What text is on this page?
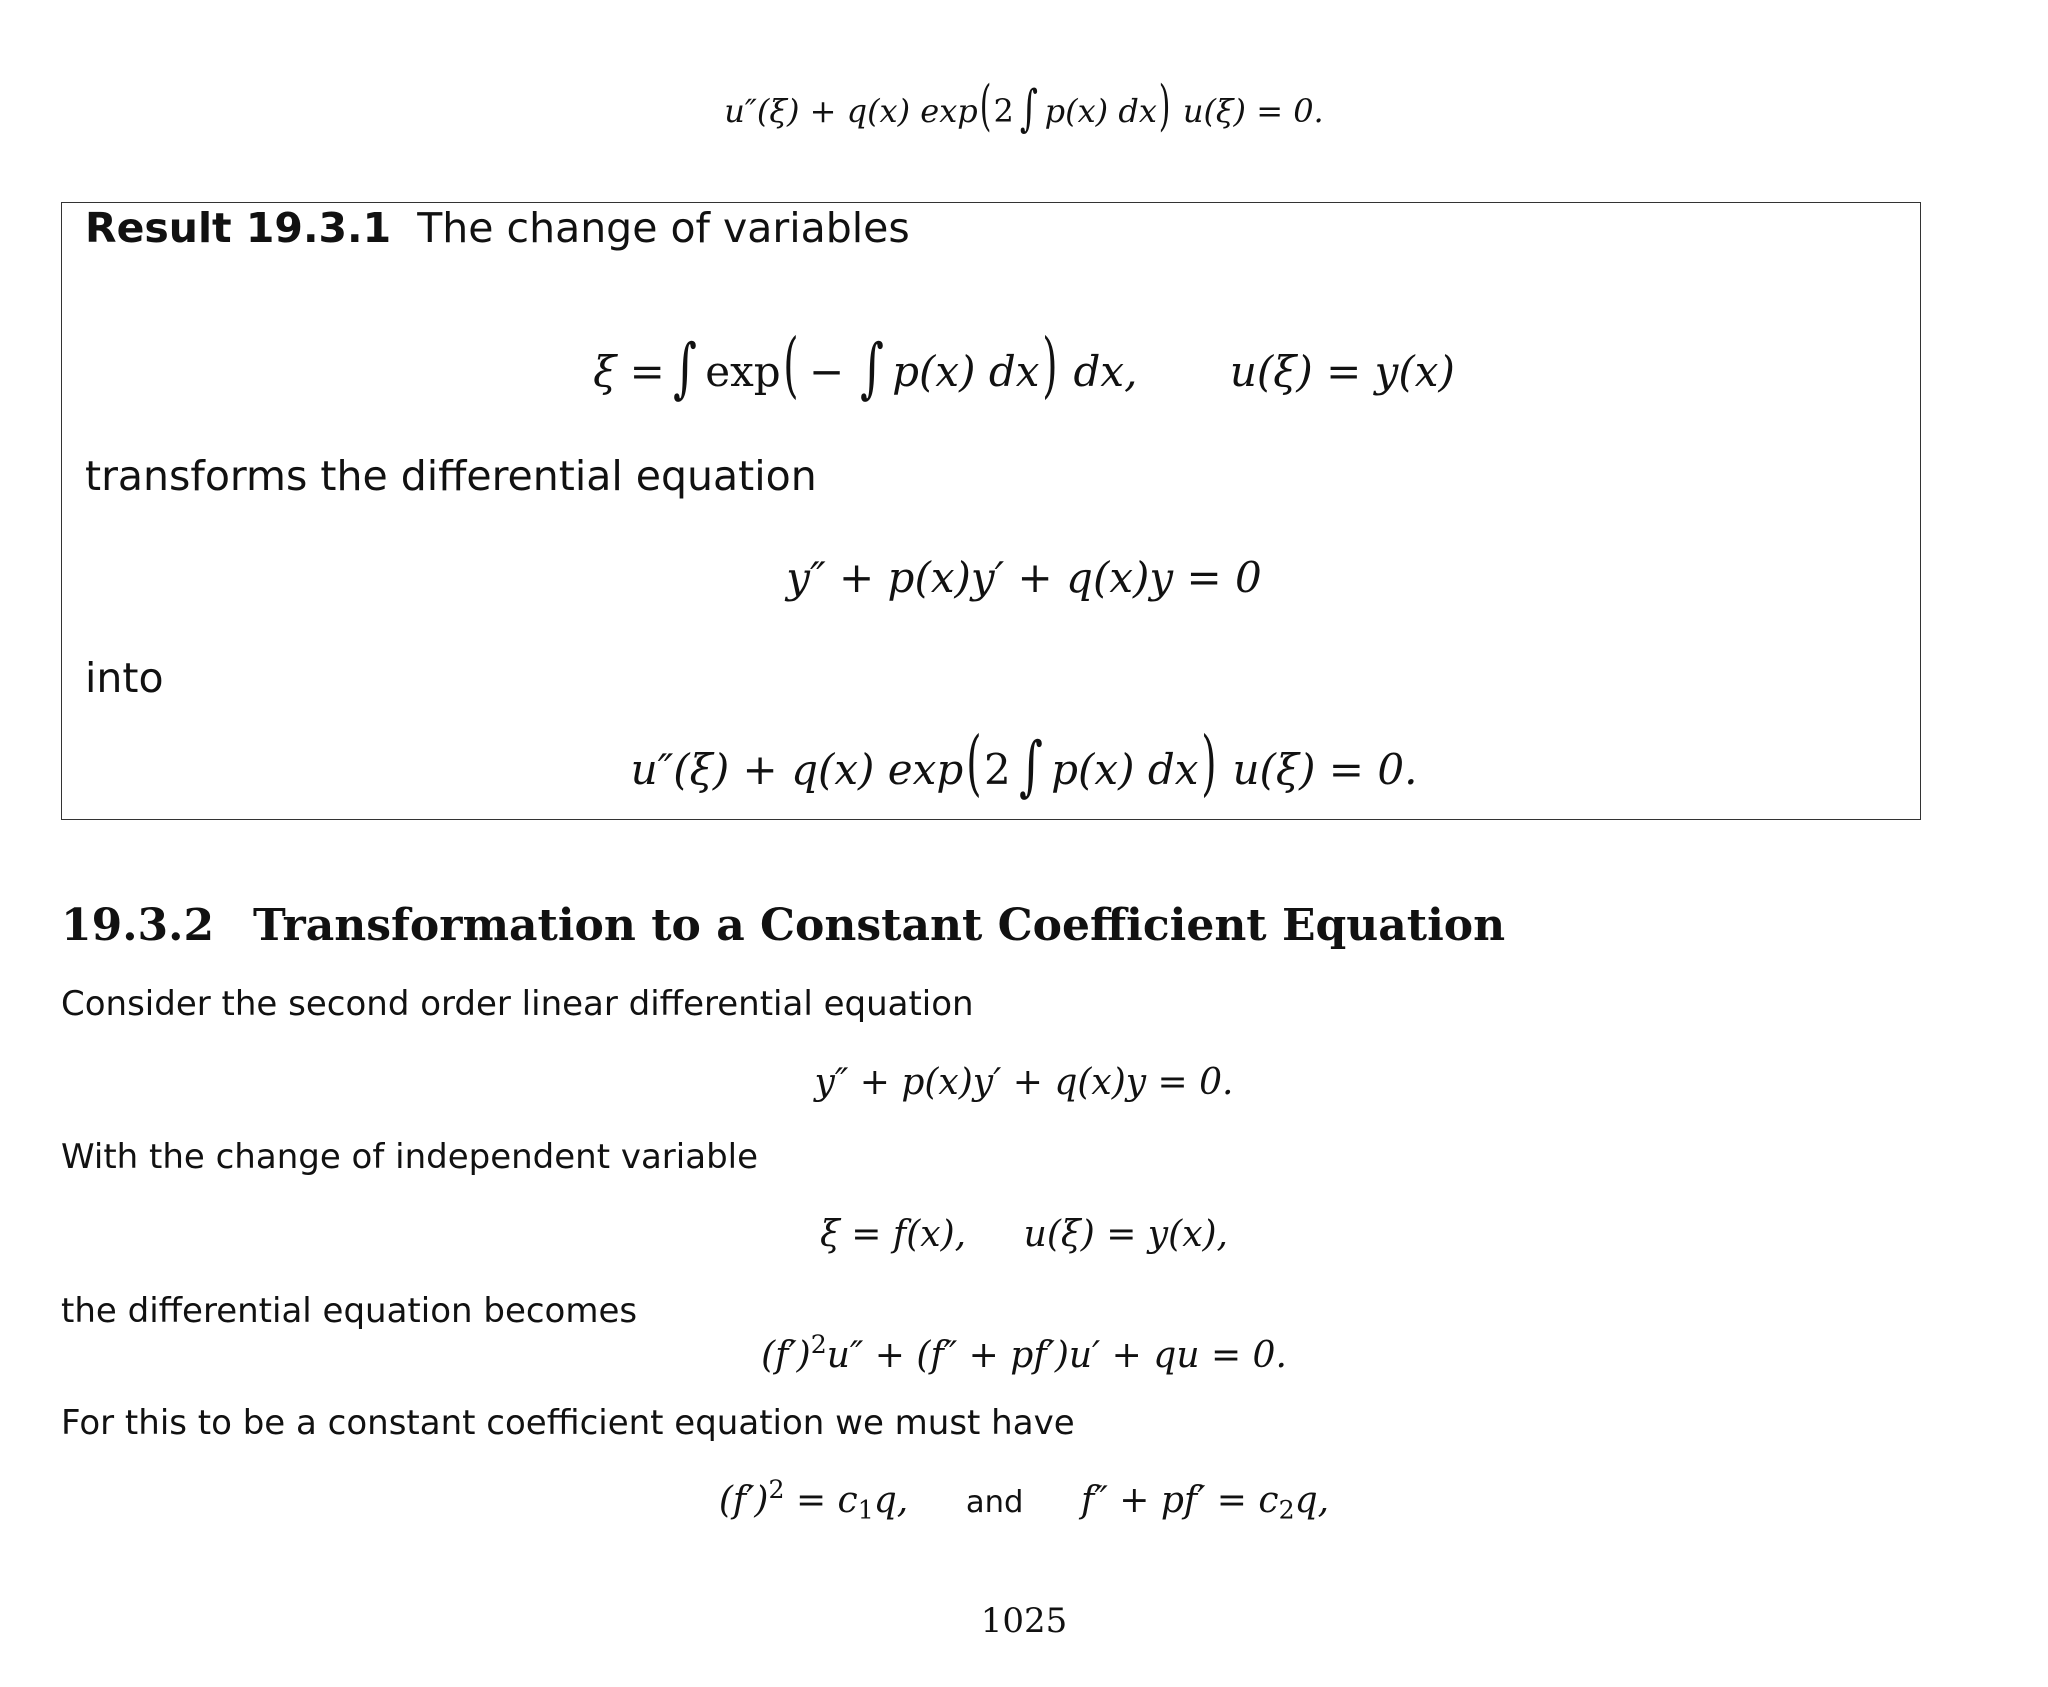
u″(ξ) + q(x) exp(2 ∫ p(x) dx) u(ξ) = 0.
Result 19.3.1 The change of variables
ξ = ∫ exp( − ∫ p(x) dx) dx, u(ξ) = y(x)
transforms the differential equation
y″ + p(x)y′ + q(x)y = 0
into
u″(ξ) + q(x) exp(2 ∫ p(x) dx) u(ξ) = 0.
19.3.2 Transformation to a Constant Coefficient Equation
Consider the second order linear differential equation
y″ + p(x)y′ + q(x)y = 0.
With the change of independent variable
ξ = f(x), u(ξ) = y(x),
the differential equation becomes
$(f')^2u'' + (f'' + pf')u'$ + qu = 0.
For this to be a constant coefficient equation we must have
$(f')^2 = c_1q$, and $f'' + pf' = c_2q$,
1025
